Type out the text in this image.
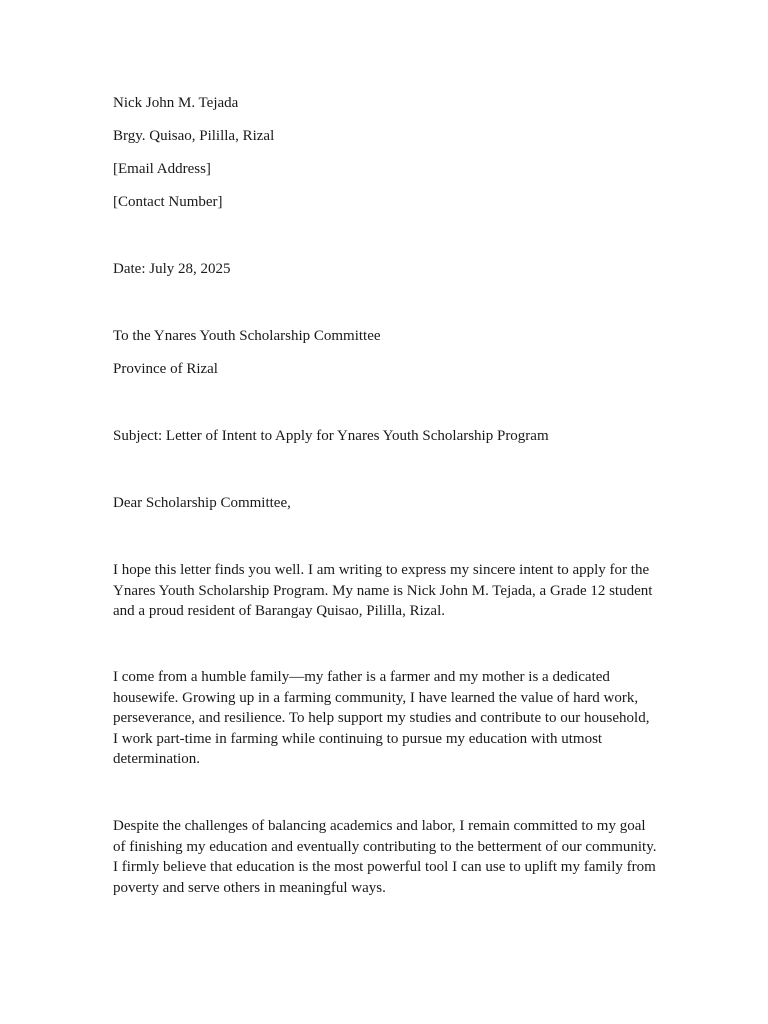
Nick John M. Tejada
Brgy. Quisao, Pililla, Rizal
[Email Address]
[Contact Number]
Date: July 28, 2025
To the Ynares Youth Scholarship Committee
Province of Rizal
Subject: Letter of Intent to Apply for Ynares Youth Scholarship Program
Dear Scholarship Committee,
I hope this letter finds you well. I am writing to express my sincere intent to apply for the Ynares Youth Scholarship Program. My name is Nick John M. Tejada, a Grade 12 student and a proud resident of Barangay Quisao, Pililla, Rizal.
I come from a humble family—my father is a farmer and my mother is a dedicated housewife. Growing up in a farming community, I have learned the value of hard work, perseverance, and resilience. To help support my studies and contribute to our household, I work part-time in farming while continuing to pursue my education with utmost determination.
Despite the challenges of balancing academics and labor, I remain committed to my goal of finishing my education and eventually contributing to the betterment of our community. I firmly believe that education is the most powerful tool I can use to uplift my family from poverty and serve others in meaningful ways.
